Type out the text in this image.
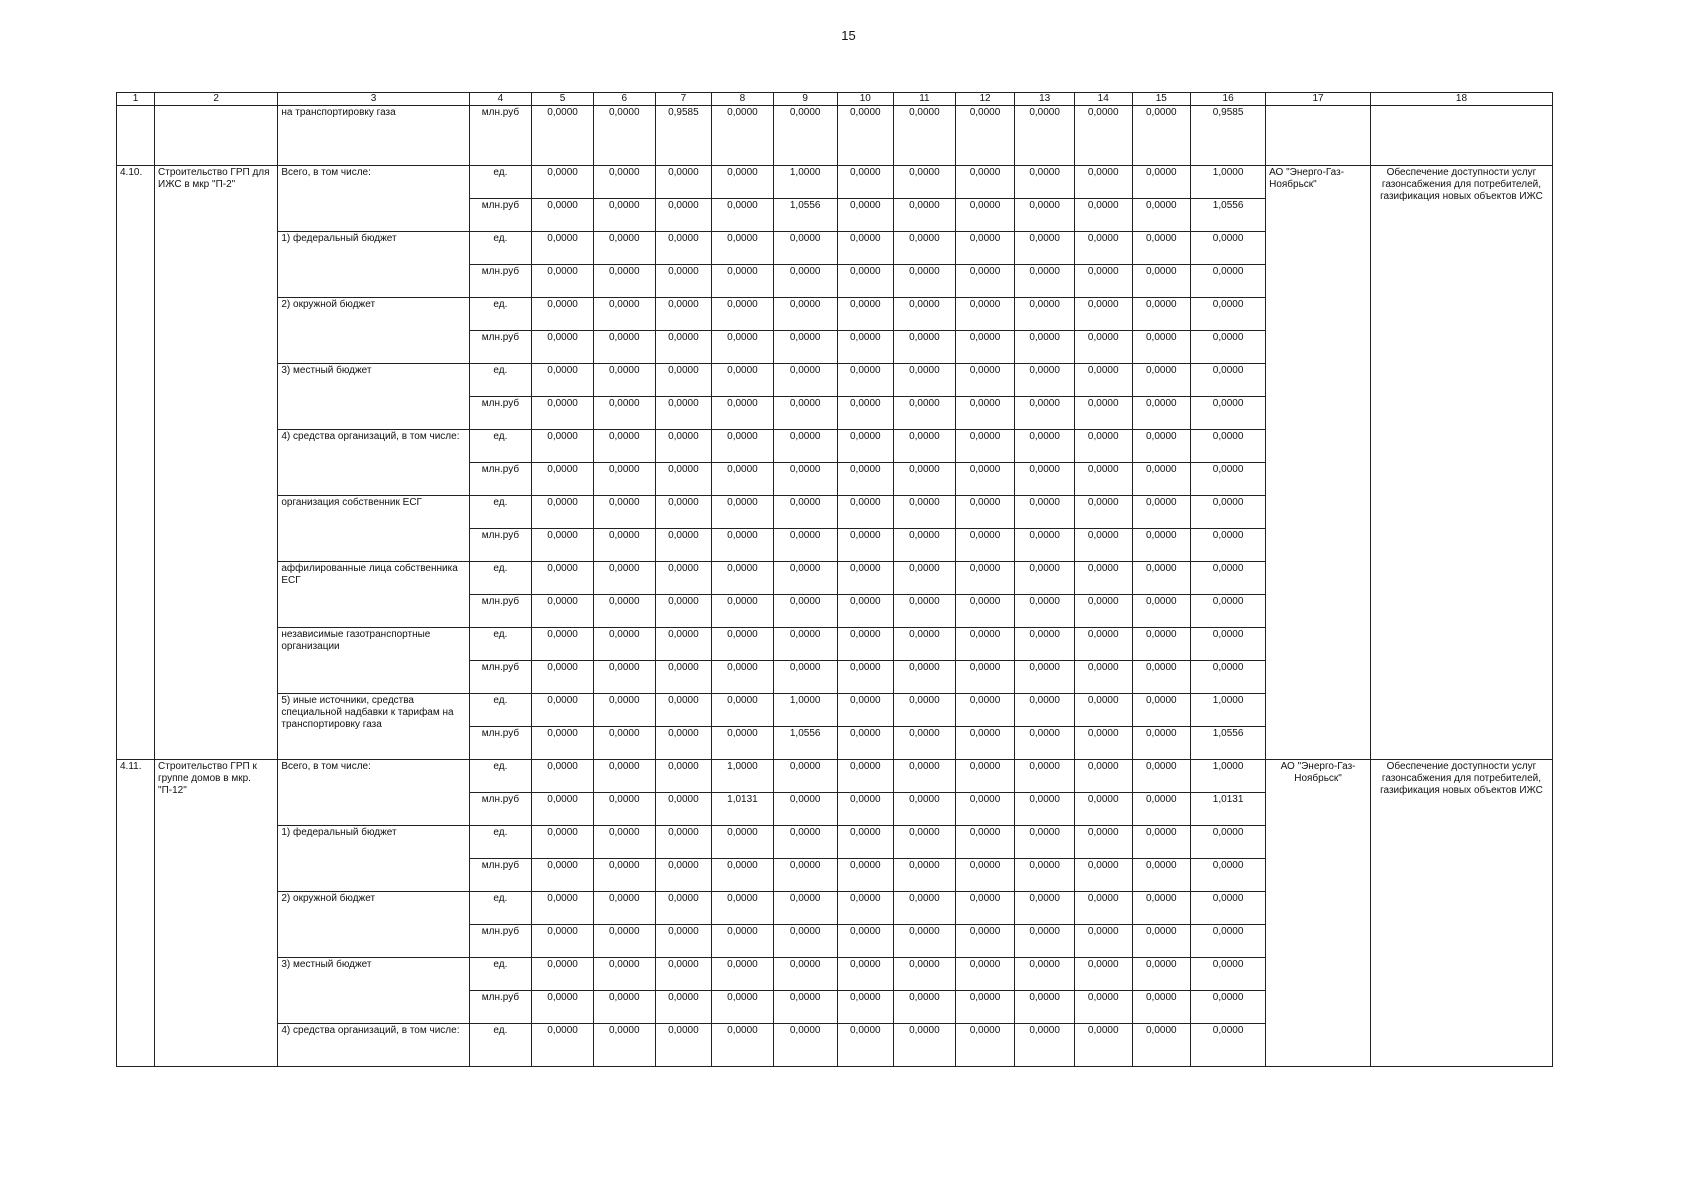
15
1	2	3	4	5	6	7	8	9	10	11	12	13	14	15	16	17	18
		на транспортировку газа	млн.руб	0,0000	0,0000	0,9585	0,0000	0,0000	0,0000	0,0000	0,0000	0,0000	0,0000	0,0000	0,9585		
4.10.	Строительство ГРП для ИЖС в мкр "П-2"	Всего, в том числе:	ед.	0,0000	0,0000	0,0000	0,0000	1,0000	0,0000	0,0000	0,0000	0,0000	0,0000	0,0000	1,0000	АО "Энерго-Газ-Ноябрьск"	Обеспечение доступности услуг газонсабжения для потребителей, газификация новых объектов ИЖС
			млн.руб	0,0000	0,0000	0,0000	0,0000	1,0556	0,0000	0,0000	0,0000	0,0000	0,0000	0,0000	1,0556		
		1) федеральный бюджет	ед.	0,0000	0,0000	0,0000	0,0000	0,0000	0,0000	0,0000	0,0000	0,0000	0,0000	0,0000	0,0000		
			млн.руб	0,0000	0,0000	0,0000	0,0000	0,0000	0,0000	0,0000	0,0000	0,0000	0,0000	0,0000	0,0000		
		2) окружной бюджет	ед.	0,0000	0,0000	0,0000	0,0000	0,0000	0,0000	0,0000	0,0000	0,0000	0,0000	0,0000	0,0000		
			млн.руб	0,0000	0,0000	0,0000	0,0000	0,0000	0,0000	0,0000	0,0000	0,0000	0,0000	0,0000	0,0000		
		3) местный бюджет	ед.	0,0000	0,0000	0,0000	0,0000	0,0000	0,0000	0,0000	0,0000	0,0000	0,0000	0,0000	0,0000		
			млн.руб	0,0000	0,0000	0,0000	0,0000	0,0000	0,0000	0,0000	0,0000	0,0000	0,0000	0,0000	0,0000		
		4) средства организаций, в том числе:	ед.	0,0000	0,0000	0,0000	0,0000	0,0000	0,0000	0,0000	0,0000	0,0000	0,0000	0,0000	0,0000		
			млн.руб	0,0000	0,0000	0,0000	0,0000	0,0000	0,0000	0,0000	0,0000	0,0000	0,0000	0,0000	0,0000		
		организация собственник ЕСГ	ед.	0,0000	0,0000	0,0000	0,0000	0,0000	0,0000	0,0000	0,0000	0,0000	0,0000	0,0000	0,0000		
			млн.руб	0,0000	0,0000	0,0000	0,0000	0,0000	0,0000	0,0000	0,0000	0,0000	0,0000	0,0000	0,0000		
		аффилированные лица собственника ЕСГ	ед.	0,0000	0,0000	0,0000	0,0000	0,0000	0,0000	0,0000	0,0000	0,0000	0,0000	0,0000	0,0000		
			млн.руб	0,0000	0,0000	0,0000	0,0000	0,0000	0,0000	0,0000	0,0000	0,0000	0,0000	0,0000	0,0000		
		независимые газотранспортные организации	ед.	0,0000	0,0000	0,0000	0,0000	0,0000	0,0000	0,0000	0,0000	0,0000	0,0000	0,0000	0,0000		
			млн.руб	0,0000	0,0000	0,0000	0,0000	0,0000	0,0000	0,0000	0,0000	0,0000	0,0000	0,0000	0,0000		
		5) иные источники, средства специальной надбавки к тарифам на транспортировку газа	ед.	0,0000	0,0000	0,0000	0,0000	1,0000	0,0000	0,0000	0,0000	0,0000	0,0000	0,0000	1,0000		
			млн.руб	0,0000	0,0000	0,0000	0,0000	1,0556	0,0000	0,0000	0,0000	0,0000	0,0000	0,0000	1,0556		
4.11.	Строительство ГРП к группе домов в мкр. "П-12"	Всего, в том числе:	ед.	0,0000	0,0000	0,0000	1,0000	0,0000	0,0000	0,0000	0,0000	0,0000	0,0000	0,0000	1,0000	АО "Энерго-Газ-Ноябрьск"	Обеспечение доступности услуг газонсабжения для потребителей, газификация новых объектов ИЖС
			млн.руб	0,0000	0,0000	0,0000	1,0131	0,0000	0,0000	0,0000	0,0000	0,0000	0,0000	0,0000	1,0131		
		1) федеральный бюджет	ед.	0,0000	0,0000	0,0000	0,0000	0,0000	0,0000	0,0000	0,0000	0,0000	0,0000	0,0000	0,0000		
			млн.руб	0,0000	0,0000	0,0000	0,0000	0,0000	0,0000	0,0000	0,0000	0,0000	0,0000	0,0000	0,0000		
		2) окружной бюджет	ед.	0,0000	0,0000	0,0000	0,0000	0,0000	0,0000	0,0000	0,0000	0,0000	0,0000	0,0000	0,0000		
			млн.руб	0,0000	0,0000	0,0000	0,0000	0,0000	0,0000	0,0000	0,0000	0,0000	0,0000	0,0000	0,0000		
		3) местный бюджет	ед.	0,0000	0,0000	0,0000	0,0000	0,0000	0,0000	0,0000	0,0000	0,0000	0,0000	0,0000	0,0000		
			млн.руб	0,0000	0,0000	0,0000	0,0000	0,0000	0,0000	0,0000	0,0000	0,0000	0,0000	0,0000	0,0000		
		4) средства организаций, в том числе:	ед.	0,0000	0,0000	0,0000	0,0000	0,0000	0,0000	0,0000	0,0000	0,0000	0,0000	0,0000	0,0000		
